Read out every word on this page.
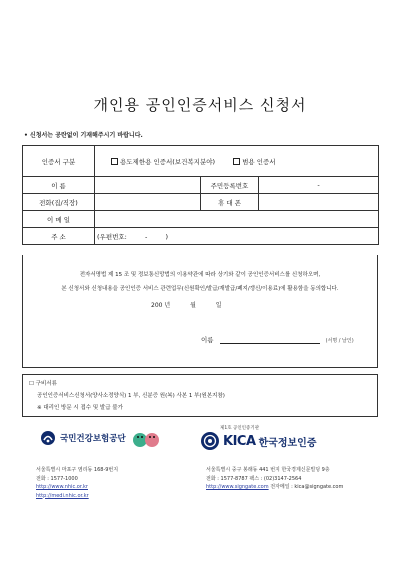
개인용 공인인증서비스 신청서
• 신청서는 공란없이 기재해주시기 바랍니다.
인증서 구분	용도제한용 인증서(보건복지분야) 범용 인증서		
이 름		주민등록번호	-
전화(집/직장)		휴 대 폰	
이 메 일			
주 소	(우편번호: - )		
전자서명법 제 15 조 및 정보통신망법의 이용약관에 따라 상기와 같이 공인인증서비스를 신청하오며,
본 신청서와 신청내용을 공인인증 서비스 관련업무(신원확인/발급/재발급/폐지/갱신/이용료)에 활용함을 동의합니다.
200 년	월	일
이름	(서명 / 날인)
☐ 구비서류
공인인증서비스신청서(양사소정양식) 1 부, 신분증 원(복) 사본 1 부(원본지참)
※ 대리인 방문 시 접수 및 발급 불가
국민건강보험공단
제1호 공인인증기관
KICA 한국정보인증
서울특별시 마포구 염리동 168-9번지
전화 : 1577-1000
http://www.nhic.or.kr
http://medi.nhic.or.kr
서울특별시 중구 봉래동 441 번지 한국경제신문빌딩 9층
전화 : 1577-8787 팩스 : (02)3147-2564
http://www.signgate.com 전자메일 : kica@signgate.com
